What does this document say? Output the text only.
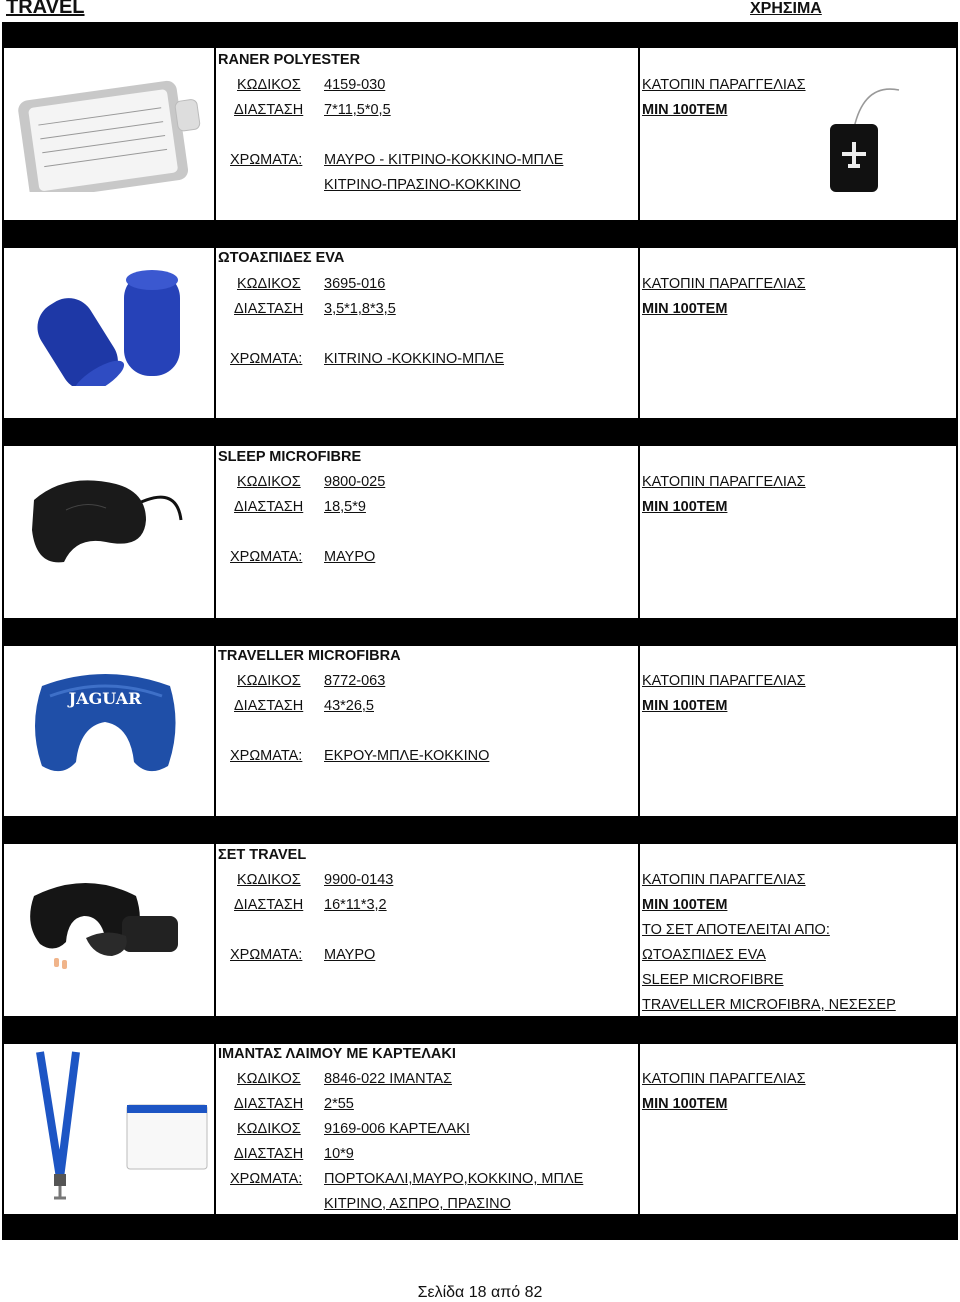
TRAVEL	ΧΡΗΣΙΜΑ
RANER POLYESTER
ΚΩΔΙΚΟΣ 4159-030
ΔΙΑΣΤΑΣΗ 7*11,5*0,5
ΧΡΩΜΑΤΑ: ΜΑΥΡΟ - ΚΙΤΡΙΝΟ-ΚΟΚΚΙΝΟ-ΜΠΛΕ
ΚΙΤΡΙΝΟ-ΠΡΑΣΙΝΟ-ΚΟΚΚΙΝΟ
ΚΑΤΟΠΙΝ ΠΑΡΑΓΓΕΛΙΑΣ
MIN 100TEM
ΩΤΟΑΣΠΙΔΕΣ EVA
ΚΩΔΙΚΟΣ 3695-016
ΔΙΑΣΤΑΣΗ 3,5*1,8*3,5
ΧΡΩΜΑΤΑ: KITRINO -ΚΟΚΚΙΝΟ-ΜΠΛΕ
ΚΑΤΟΠΙΝ ΠΑΡΑΓΓΕΛΙΑΣ
MIN 100TEM
SLEEP MICROFIBRE
ΚΩΔΙΚΟΣ 9800-025
ΔΙΑΣΤΑΣΗ 18,5*9
ΧΡΩΜΑΤΑ: ΜΑΥΡΟ
ΚΑΤΟΠΙΝ ΠΑΡΑΓΓΕΛΙΑΣ
MIN 100TEM
JAGUAR
TRAVELLER MICROFIBRA
ΚΩΔΙΚΟΣ 8772-063
ΔΙΑΣΤΑΣΗ 43*26,5
ΧΡΩΜΑΤΑ: ΕΚΡΟΥ-ΜΠΛΕ-ΚΟΚΚΙΝΟ
ΚΑΤΟΠΙΝ ΠΑΡΑΓΓΕΛΙΑΣ
MIN 100TEM
ΣΕΤ TRAVEL
ΚΩΔΙΚΟΣ 9900-0143
ΔΙΑΣΤΑΣΗ 16*11*3,2
ΧΡΩΜΑΤΑ: ΜΑΥΡΟ
ΚΑΤΟΠΙΝ ΠΑΡΑΓΓΕΛΙΑΣ
MIN 100TEM
ΤΟ ΣΕΤ ΑΠΟΤΕΛΕΙΤΑΙ ΑΠΟ:
ΩΤΟΑΣΠΙΔΕΣ EVA
SLEEP MICROFIBRE
TRAVELLER MICROFIBRA, ΝΕΣΕΣΕΡ
ΙΜΑΝΤΑΣ ΛΑΙΜΟΥ ΜΕ ΚΑΡΤΕΛΑΚΙ
ΚΩΔΙΚΟΣ 8846-022 ΙΜΑΝΤΑΣ
ΔΙΑΣΤΑΣΗ 2*55
ΚΩΔΙΚΟΣ 9169-006 ΚΑΡΤΕΛΑΚΙ
ΔΙΑΣΤΑΣΗ 10*9
ΧΡΩΜΑΤΑ: ΠΟΡΤΟΚΑΛΙ,ΜΑΥΡΟ,ΚΟΚΚΙΝΟ, ΜΠΛΕ
ΚΙΤΡΙΝΟ, ΑΣΠΡΟ, ΠΡΑΣΙΝΟ
ΚΑΤΟΠΙΝ ΠΑΡΑΓΓΕΛΙΑΣ
MIN 100TEM
Σελίδα 18 από 82
